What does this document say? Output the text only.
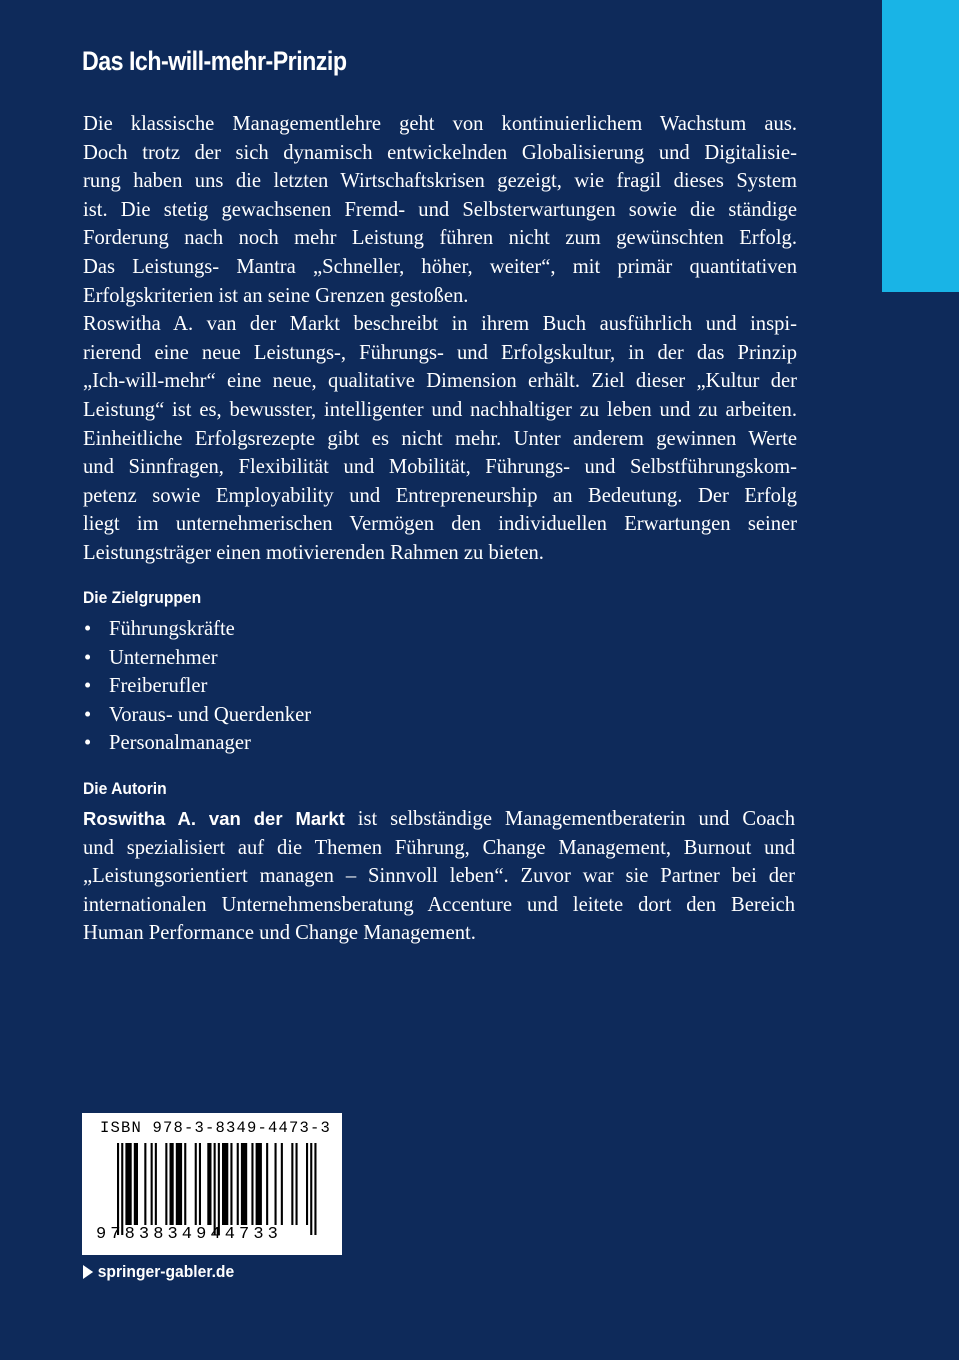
Das Ich-will-mehr-Prinzip
Die klassische Managementlehre geht von kontinuierlichem Wachstum aus.
Doch trotz der sich dynamisch entwickelnden Globalisierung und Digitalisie-
rung haben uns die letzten Wirtschaftskrisen gezeigt, wie fragil dieses System
ist. Die stetig gewachsenen Fremd- und Selbsterwartungen sowie die ständige
Forderung nach noch mehr Leistung führen nicht zum gewünschten Erfolg.
Das Leistungs- Mantra „Schneller, höher, weiter“, mit primär quantitativen
Erfolgskriterien ist an seine Grenzen gestoßen.
Roswitha A. van der Markt beschreibt in ihrem Buch ausführlich und inspi-
rierend eine neue Leistungs-, Führungs- und Erfolgskultur, in der das Prinzip
„Ich-will-mehr“ eine neue, qualitative Dimension erhält. Ziel dieser „Kultur der
Leistung“ ist es, bewusster, intelligenter und nachhaltiger zu leben und zu arbeiten.
Einheitliche Erfolgsrezepte gibt es nicht mehr. Unter anderem gewinnen Werte
und Sinnfragen, Flexibilität und Mobilität, Führungs- und Selbstführungskom-
petenz sowie Employability und Entrepreneurship an Bedeutung. Der Erfolg
liegt im unternehmerischen Vermögen den individuellen Erwartungen seiner
Leistungsträger einen motivierenden Rahmen zu bieten.
Die Zielgruppen
• Führungskräfte
• Unternehmer
• Freiberufler
• Voraus- und Querdenker
• Personalmanager
Die Autorin
Roswitha A. van der Markt ist selbständige Managementberaterin und Coach
und spezialisiert auf die Themen Führung, Change Management, Burnout und
„Leistungsorientiert managen – Sinnvoll leben“. Zuvor war sie Partner bei der
internationalen Unternehmensberatung Accenture und leitete dort den Bereich
Human Performance und Change Management.
ISBN 978-3-8349-4473-3
9783834944733
springer-gabler.de
